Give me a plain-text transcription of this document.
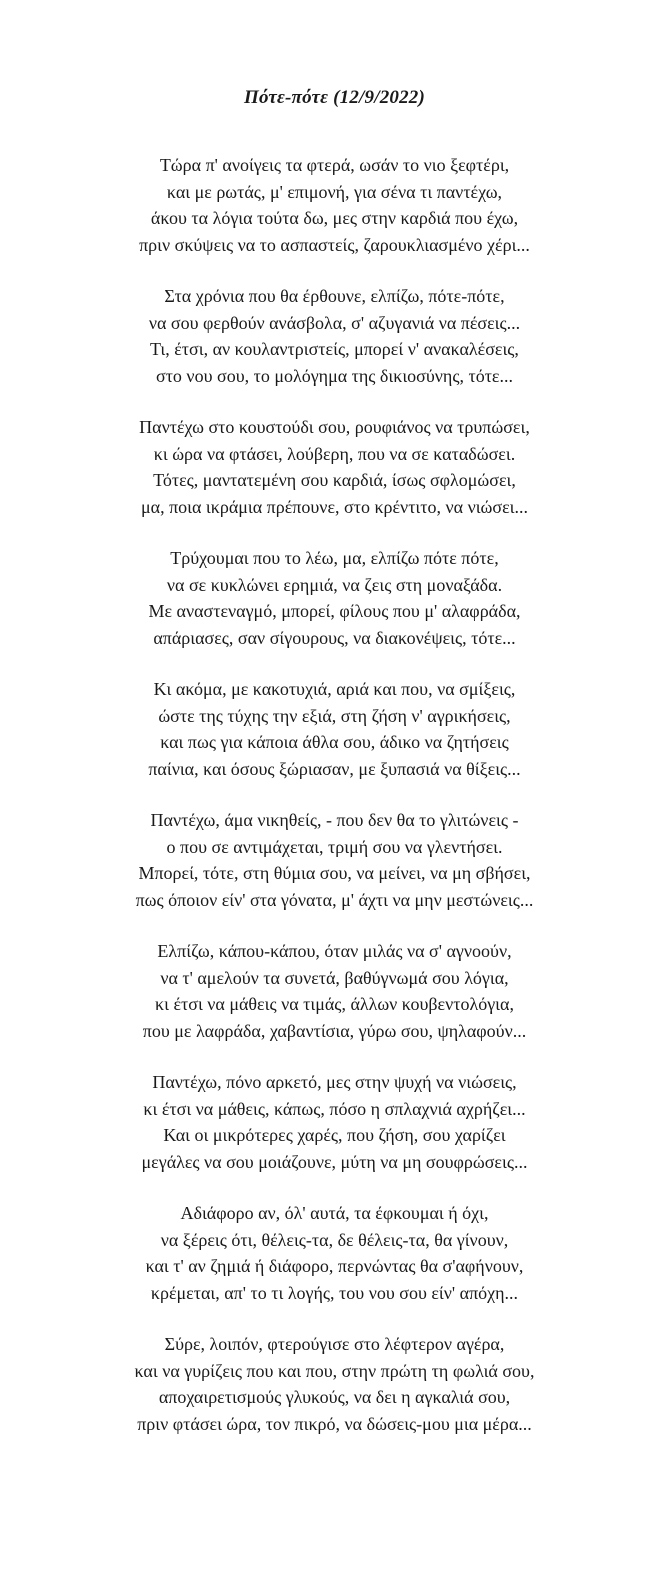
Πότε-πότε (12/9/2022)
Τώρα π' ανοίγεις τα φτερά, ωσάν το νιο ξεφτέρι,
και με ρωτάς, μ' επιμονή, για σένα τι παντέχω,
άκου τα λόγια τούτα δω, μες στην καρδιά που έχω,
πριν σκύψεις να το ασπαστείς, ζαρουκλιασμένο χέρι...
Στα χρόνια που θα έρθουνε, ελπίζω, πότε-πότε,
να σου φερθούν ανάσβολα, σ' αζυγανιά να πέσεις...
Τι, έτσι, αν κουλαντριστείς, μπορεί ν' ανακαλέσεις,
στο νου σου, το μολόγημα της δικιοσύνης, τότε...
Παντέχω στο κουστούδι σου, ρουφιάνος να τρυπώσει,
κι ώρα να φτάσει, λούβερη, που να σε καταδώσει.
Τότες, μαντατεμένη σου καρδιά, ίσως σφλομώσει,
μα, ποια ικράμια πρέπουνε, στο κρέντιτο, να νιώσει...
Τρύχουμαι που το λέω, μα, ελπίζω πότε πότε,
να σε κυκλώνει ερημιά, να ζεις στη μοναξάδα.
Με αναστεναγμό, μπορεί, φίλους που μ' αλαφράδα,
απάριασες, σαν σίγουρους, να διακονέψεις, τότε...
Κι ακόμα, με κακοτυχιά, αριά και που, να σμίξεις,
ώστε της τύχης την εξιά, στη ζήση ν' αγρικήσεις,
και πως για κάποια άθλα σου, άδικο να ζητήσεις
παίνια, και όσους ξώριασαν, με ξυπασιά να θίξεις...
Παντέχω, άμα νικηθείς, - που δεν θα το γλιτώνεις -
ο που σε αντιμάχεται, τριμή σου να γλεντήσει.
Μπορεί, τότε, στη θύμια σου, να μείνει, να μη σβήσει,
πως όποιον είν' στα γόνατα, μ' άχτι να μην μεστώνεις...
Ελπίζω, κάπου-κάπου, όταν μιλάς να σ' αγνοούν,
να τ' αμελούν τα συνετά, βαθύγνωμά σου λόγια,
κι έτσι να μάθεις να τιμάς, άλλων κουβεντολόγια,
που με λαφράδα, χαβαντίσια, γύρω σου, ψηλαφούν...
Παντέχω, πόνο αρκετό, μες στην ψυχή να νιώσεις,
κι έτσι να μάθεις, κάπως, πόσο η σπλαχνιά αχρήζει...
Και οι μικρότερες χαρές, που ζήση, σου χαρίζει
μεγάλες να σου μοιάζουνε, μύτη να μη σουφρώσεις...
Αδιάφορο αν, όλ' αυτά, τα έφκουμαι ή όχι,
να ξέρεις ότι, θέλεις-τα, δε θέλεις-τα, θα γίνουν,
και τ' αν ζημιά ή διάφορο, περνώντας θα σ'αφήνουν,
κρέμεται, απ' το τι λογής, του νου σου είν' απόχη...
Σύρε, λοιπόν, φτερούγισε στο λέφτερον αγέρα,
και να γυρίζεις που και που, στην πρώτη τη φωλιά σου,
αποχαιρετισμούς γλυκούς, να δει η αγκαλιά σου,
πριν φτάσει ώρα, τον πικρό, να δώσεις-μου μια μέρα...
